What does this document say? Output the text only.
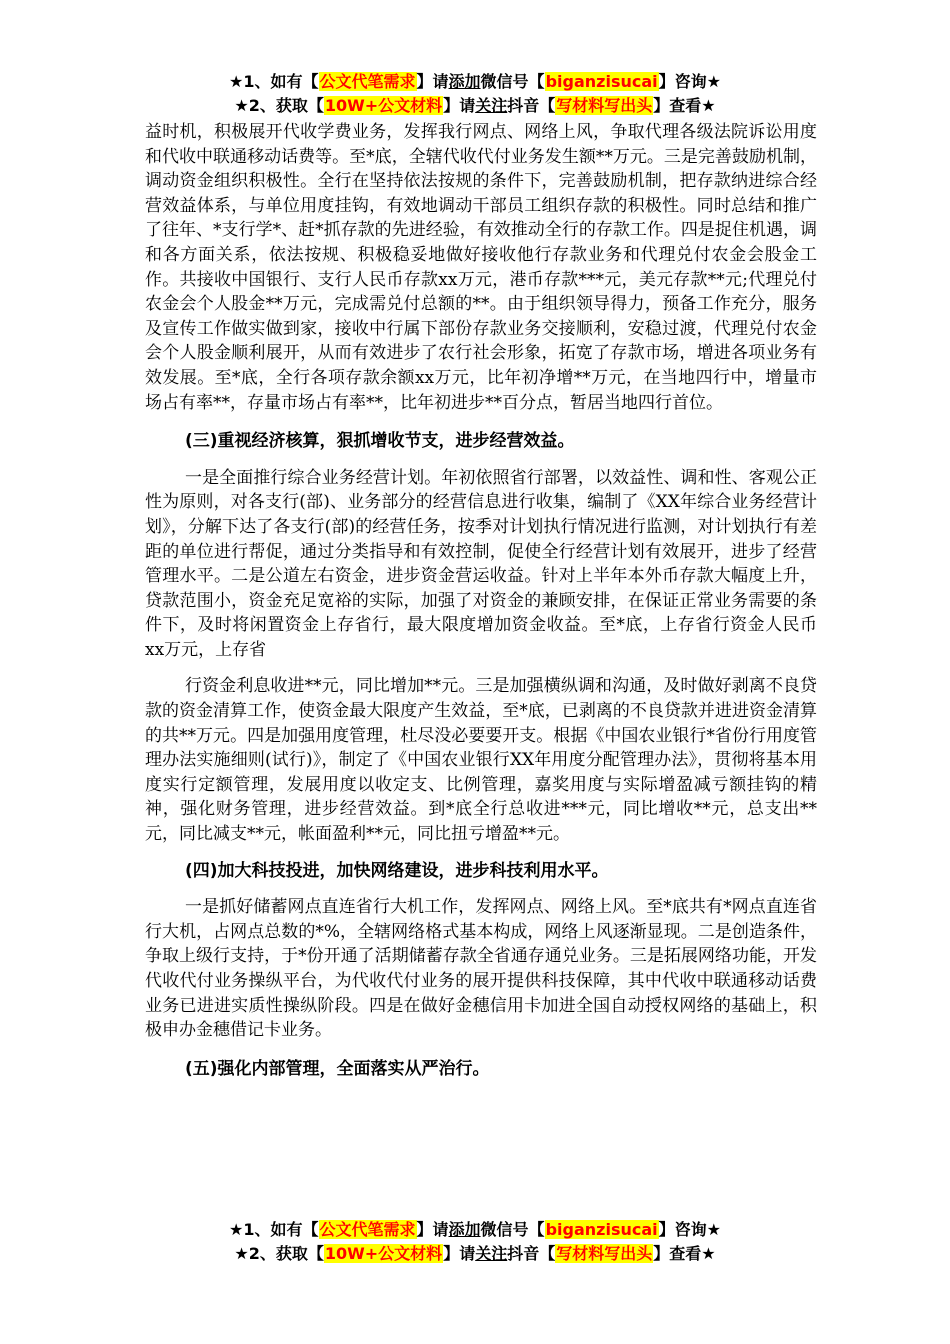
★1、如有【公文代笔需求】请添加微信号【biganzisucai】咨询★
★2、获取【10W+公文材料】请关注抖音【写材料写出头】查看★

益时机，积极展开代收学费业务，发挥我行网点、网络上风，争取代理各级法院诉讼用度和代收中联通移动话费等。至*底，全辖代收代付业务发生额**万元。三是完善鼓励机制，调动资金组织积极性。全行在坚持依法按规的条件下，完善鼓励机制，把存款纳进综合经营效益体系，与单位用度挂钩，有效地调动干部员工组织存款的积极性。同时总结和推广了往年、*支行学*、赶*抓存款的先进经验，有效推动全行的存款工作。四是捉住机遇，调和各方面关系，依法按规、积极稳妥地做好接收他行存款业务和代理兑付农金会股金工作。共接收中国银行、支行人民币存款xx万元，港币存款***元，美元存款**元;代理兑付农金会个人股金**万元，完成需兑付总额的**。由于组织领导得力，预备工作充分，服务及宣传工作做实做到家，接收中行属下部份存款业务交接顺利，安稳过渡，代理兑付农金会个人股金顺利展开，从而有效进步了农行社会形象，拓宽了存款市场，增进各项业务有效发展。至*底，全行各项存款余额xx万元，比年初净增**万元，在当地四行中，增量市场占有率**，存量市场占有率**，比年初进步**百分点，暂居当地四行首位。

(三)重视经济核算，狠抓增收节支，进步经营效益。

一是全面推行综合业务经营计划。年初依照省行部署，以效益性、调和性、客观公正性为原则，对各支行(部)、业务部分的经营信息进行收集，编制了《XX年综合业务经营计划》，分解下达了各支行(部)的经营任务，按季对计划执行情况进行监测，对计划执行有差距的单位进行帮促，通过分类指导和有效控制，促使全行经营计划有效展开，进步了经营管理水平。二是公道左右资金，进步资金营运收益。针对上半年本外币存款大幅度上升，贷款范围小，资金充足宽裕的实际，加强了对资金的兼顾安排，在保证正常业务需要的条件下，及时将闲置资金上存省行，最大限度增加资金收益。至*底，上存省行资金人民币xx万元，上存省

行资金利息收进**元，同比增加**元。三是加强横纵调和沟通，及时做好剥离不良贷款的资金清算工作，使资金最大限度产生效益，至*底，已剥离的不良贷款并进进资金清算的共**万元。四是加强用度管理，杜尽没必要要开支。根据《中国农业银行*省份行用度管理办法实施细则(试行)》，制定了《中国农业银行XX年用度分配管理办法》，贯彻将基本用度实行定额管理，发展用度以收定支、比例管理，嘉奖用度与实际增盈减亏额挂钩的精神，强化财务管理，进步经营效益。到*底全行总收进***元，同比增收**元，总支出**元，同比减支**元，帐面盈利**元，同比扭亏增盈**元。

(四)加大科技投进，加快网络建设，进步科技利用水平。

一是抓好储蓄网点直连省行大机工作，发挥网点、网络上风。至*底共有*网点直连省行大机，占网点总数的*%，全辖网络格式基本构成，网络上风逐渐显现。二是创造条件，争取上级行支持，于*份开通了活期储蓄存款全省通存通兑业务。三是拓展网络功能，开发代收代付业务操纵平台，为代收代付业务的展开提供科技保障，其中代收中联通移动话费业务已进进实质性操纵阶段。四是在做好金穗信用卡加进全国自动授权网络的基础上，积极申办金穗借记卡业务。

(五)强化内部管理，全面落实从严治行。
★1、如有【公文代笔需求】请添加微信号【biganzisucai】咨询★
★2、获取【10W+公文材料】请关注抖音【写材料写出头】查看★
